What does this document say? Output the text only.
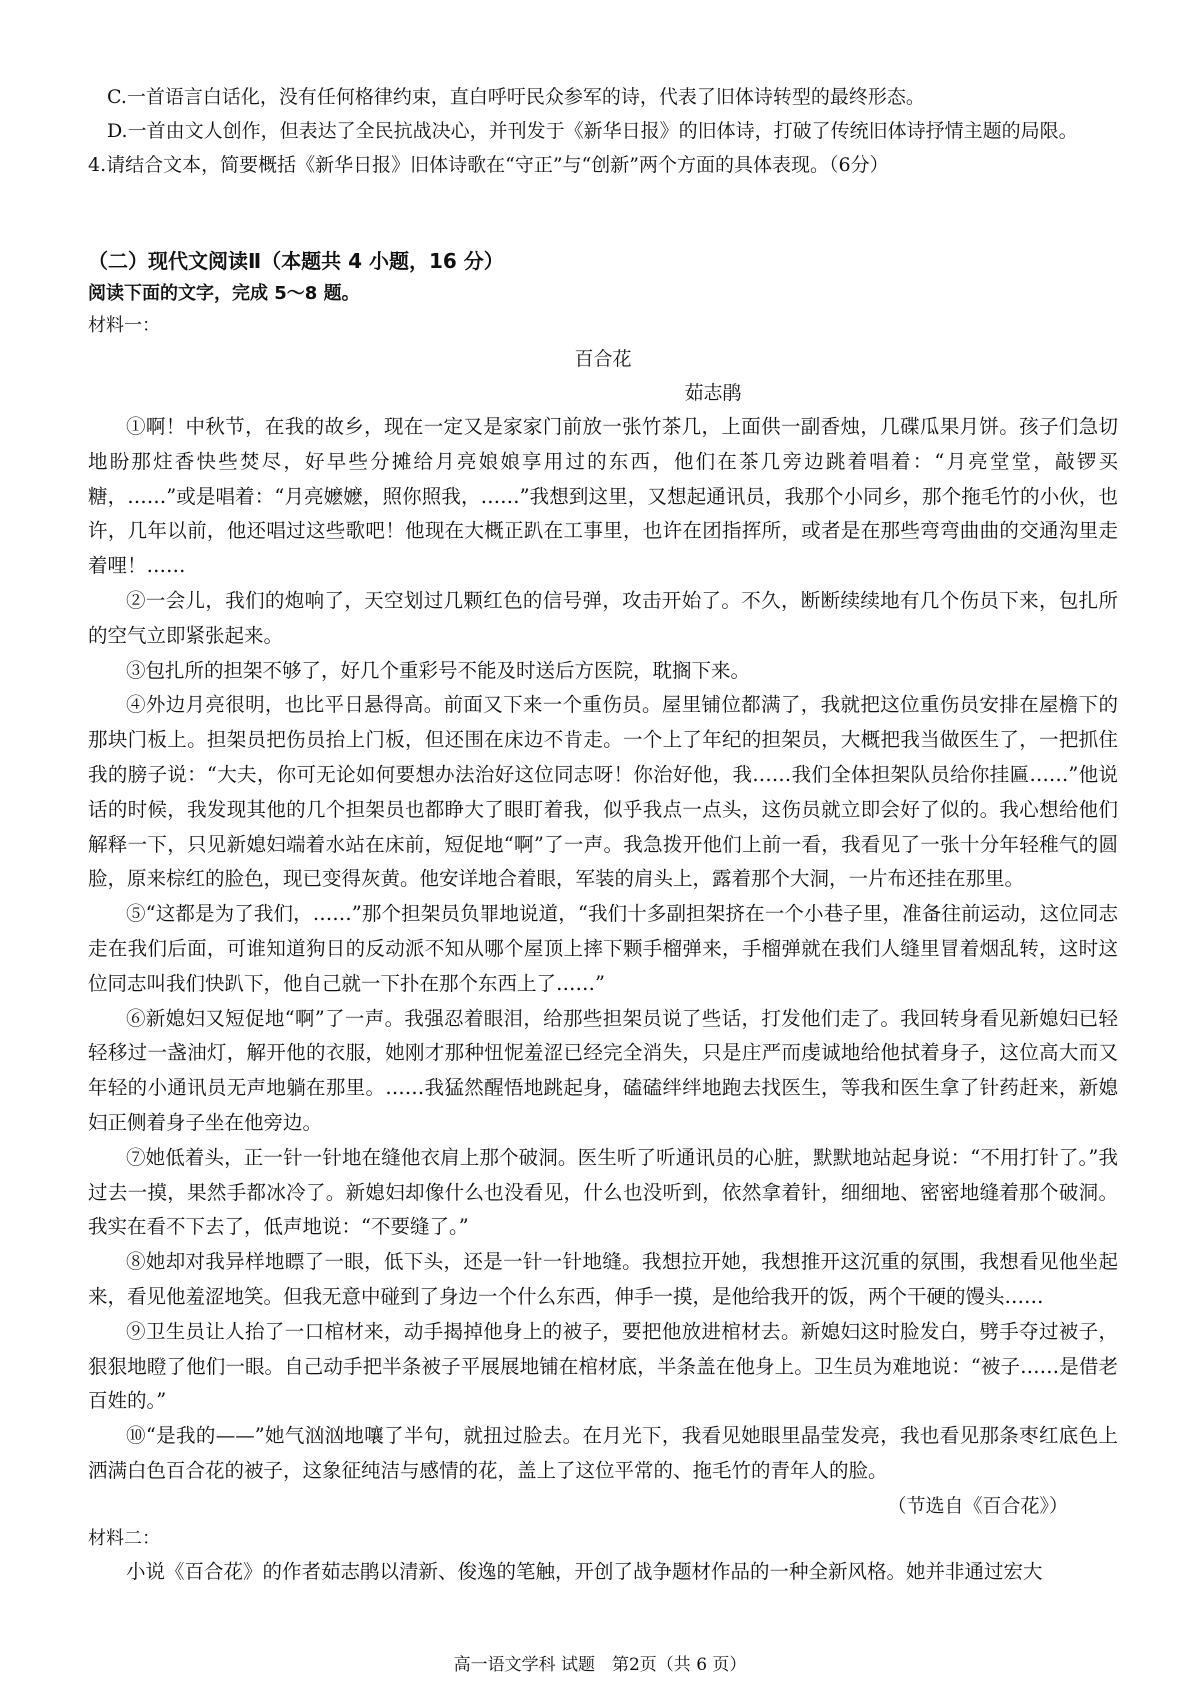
C.一首语言白话化，没有任何格律约束，直白呼吁民众参军的诗，代表了旧体诗转型的最终形态。

D.一首由文人创作，但表达了全民抗战决心，并刊发于《新华日报》的旧体诗，打破了传统旧体诗抒情主题的局限。

4.请结合文本，简要概括《新华日报》旧体诗歌在“守正”与“创新”两个方面的具体表现。（6分）

（二）现代文阅读Ⅱ（本题共 4 小题，16 分）
阅读下面的文字，完成 5～8 题。
材料一：
百合花
茹志鹃

①啊！中秋节，在我的故乡，现在一定又是家家门前放一张竹茶几，上面供一副香烛，几碟瓜果月饼。孩子们急切地盼那炷香快些焚尽，好早些分摊给月亮娘娘享用过的东西，他们在茶几旁边跳着唱着：“月亮堂堂，敲锣买糖，……”或是唱着：“月亮嬷嬷，照你照我，……”我想到这里，又想起通讯员，我那个小同乡，那个拖毛竹的小伙，也许，几年以前，他还唱过这些歌吧！他现在大概正趴在工事里，也许在团指挥所，或者是在那些弯弯曲曲的交通沟里走着哩！……

②一会儿，我们的炮响了，天空划过几颗红色的信号弹，攻击开始了。不久，断断续续地有几个伤员下来，包扎所的空气立即紧张起来。

③包扎所的担架不够了，好几个重彩号不能及时送后方医院，耽搁下来。

④外边月亮很明，也比平日悬得高。前面又下来一个重伤员。屋里铺位都满了，我就把这位重伤员安排在屋檐下的那块门板上。担架员把伤员抬上门板，但还围在床边不肯走。一个上了年纪的担架员，大概把我当做医生了，一把抓住我的膀子说：“大夫，你可无论如何要想办法治好这位同志呀！你治好他，我……我们全体担架队员给你挂匾……”他说话的时候，我发现其他的几个担架员也都睁大了眼盯着我，似乎我点一点头，这伤员就立即会好了似的。我心想给他们解释一下，只见新媳妇端着水站在床前，短促地“啊”了一声。我急拨开他们上前一看，我看见了一张十分年轻稚气的圆脸，原来棕红的脸色，现已变得灰黄。他安详地合着眼，军装的肩头上，露着那个大洞，一片布还挂在那里。

⑤“这都是为了我们，……”那个担架员负罪地说道，“我们十多副担架挤在一个小巷子里，准备往前运动，这位同志走在我们后面，可谁知道狗日的反动派不知从哪个屋顶上摔下颗手榴弹来，手榴弹就在我们人缝里冒着烟乱转，这时这位同志叫我们快趴下，他自己就一下扑在那个东西上了……”

⑥新媳妇又短促地“啊”了一声。我强忍着眼泪，给那些担架员说了些话，打发他们走了。我回转身看见新媳妇已轻轻移过一盏油灯，解开他的衣服，她刚才那种忸怩羞涩已经完全消失，只是庄严而虔诚地给他拭着身子，这位高大而又年轻的小通讯员无声地躺在那里。……我猛然醒悟地跳起身，磕磕绊绊地跑去找医生，等我和医生拿了针药赶来，新媳妇正侧着身子坐在他旁边。

⑦她低着头，正一针一针地在缝他衣肩上那个破洞。医生听了听通讯员的心脏，默默地站起身说：“不用打针了。”我过去一摸，果然手都冰冷了。新媳妇却像什么也没看见，什么也没听到，依然拿着针，细细地、密密地缝着那个破洞。我实在看不下去了，低声地说：“不要缝了。”

⑧她却对我异样地瞟了一眼，低下头，还是一针一针地缝。我想拉开她，我想推开这沉重的氛围，我想看见他坐起来，看见他羞涩地笑。但我无意中碰到了身边一个什么东西，伸手一摸，是他给我开的饭，两个干硬的馒头……

⑨卫生员让人抬了一口棺材来，动手揭掉他身上的被子，要把他放进棺材去。新媳妇这时脸发白，劈手夺过被子，狠狠地瞪了他们一眼。自己动手把半条被子平展展地铺在棺材底，半条盖在他身上。卫生员为难地说：“被子……是借老百姓的。”

⑩“是我的——”她气汹汹地嚷了半句，就扭过脸去。在月光下，我看见她眼里晶莹发亮，我也看见那条枣红底色上洒满白色百合花的被子，这象征纯洁与感情的花，盖上了这位平常的、拖毛竹的青年人的脸。

（节选自《百合花》）
材料二：

小说《百合花》的作者茹志鹃以清新、俊逸的笔触，开创了战争题材作品的一种全新风格。她并非通过宏大

高一语文学科 试题　第2页（共 6 页）
